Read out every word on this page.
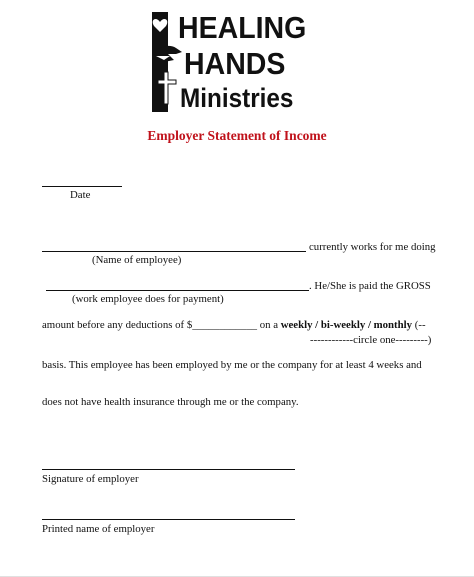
HEALING
HANDS
Ministries
Employer Statement of Income
Date
currently works for me doing
(Name of employee)
. He/She is paid the GROSS
(work employee does for payment)
amount before any deductions of $____________ on a weekly / bi-weekly / monthly (--
------------circle one---------)
basis. This employee has been employed by me or the company for at least 4 weeks and
does not have health insurance through me or the company.
Signature of employer
Printed name of employer
